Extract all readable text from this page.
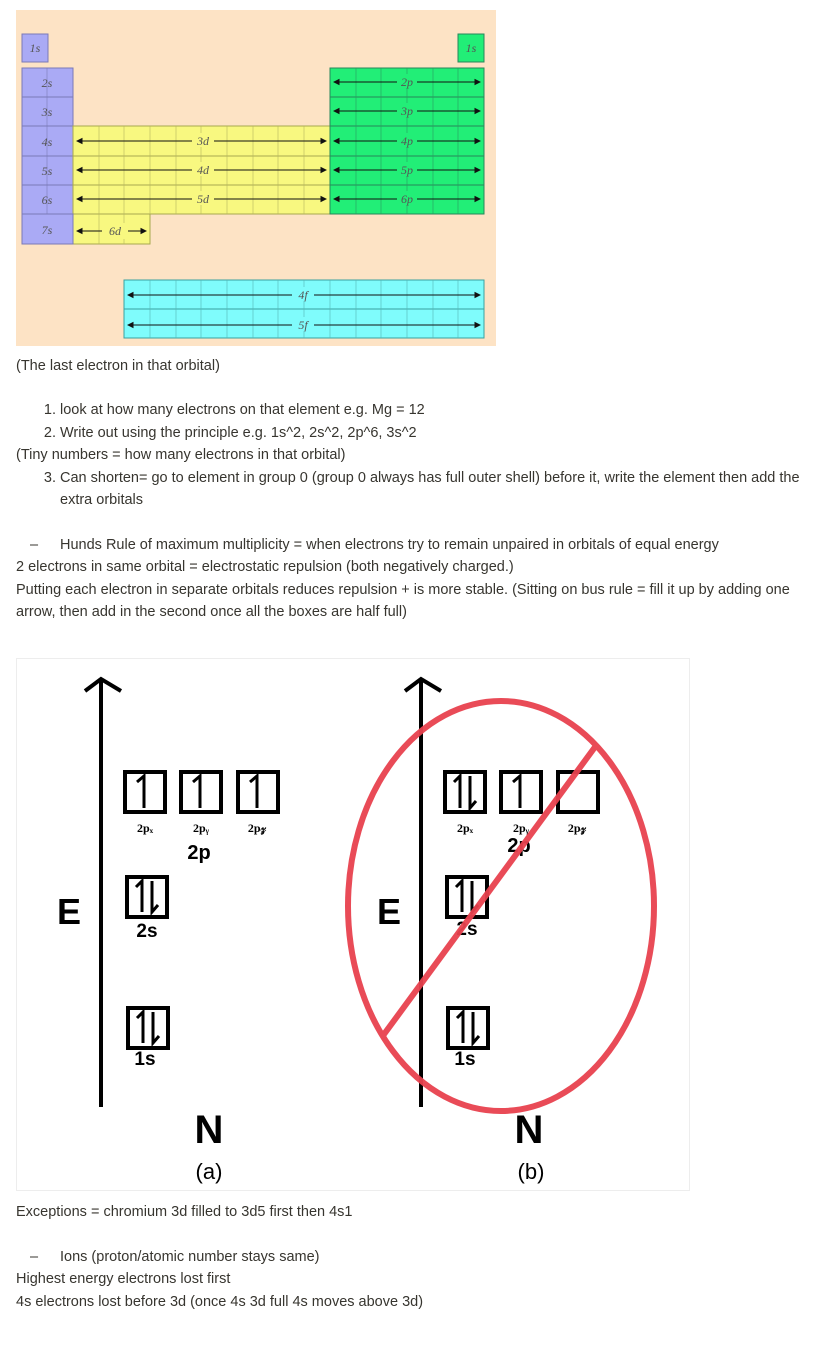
1s	1s
2s
3s
4s
5s
6s
2p
3p
4p
5p
6p
3d
4d
5d
6d
4f
5f
7s
(The last electron in that orbital)
1. look at how many electrons on that element e.g. Mg = 12
2. Write out using the principle e.g. 1s^2, 2s^2, 2p^6, 3s^2
(Tiny numbers = how many electrons in that orbital)
3. Can shorten= go to element in group 0 (group 0 always has full outer shell) before it, write the element then add the extra orbitals
– Hunds Rule of maximum multiplicity = when electrons try to remain unpaired in orbitals of equal energy
2 electrons in same orbital = electrostatic repulsion (both negatively charged.)
Putting each electron in separate orbitals reduces repulsion + is more stable. (Sitting on bus rule = fill it up by adding one arrow, then add in the second once all the boxes are half full)
E
2pₓ	2pᵧ	2p𝓏
2p
2s
1s
N
(a)
E
2pₓ	2pᵧ	2p𝓏
2p
2s
1s
N
(b)
Exceptions = chromium 3d filled to 3d5 first then 4s1
– Ions (proton/atomic number stays same)
Highest energy electrons lost first
4s electrons lost before 3d (once 4s 3d full 4s moves above 3d)
